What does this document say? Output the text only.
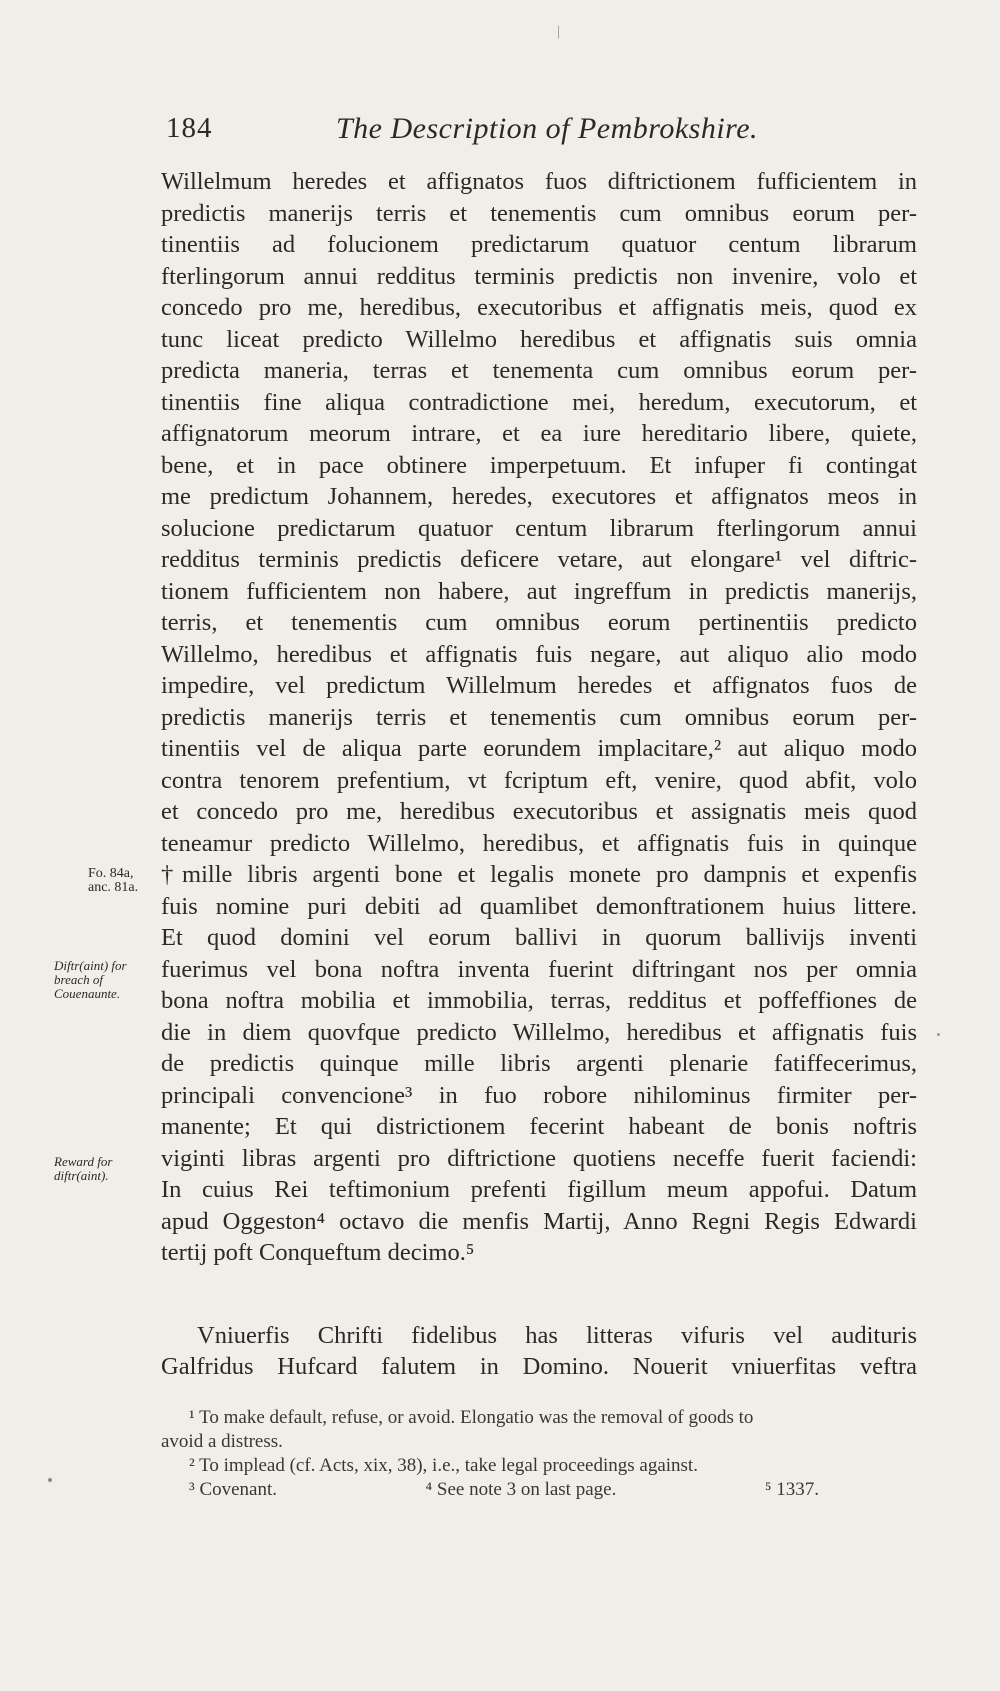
/
184	The Description of Pembrokshire.
Fo. 84a, anc. 81a.
Diftr(aint) for breach of Couenaunte.
Reward for diftr(aint).
Willelmum heredes et affignatos fuos diftrictionem fufficientem in
predictis manerijs terris et tenementis cum omnibus eorum per-
tinentiis ad folucionem predictarum quatuor centum librarum
fterlingorum annui redditus terminis predictis non invenire, volo et
concedo pro me, heredibus, executoribus et affignatis meis, quod ex
tunc liceat predicto Willelmo heredibus et affignatis suis omnia
predicta maneria, terras et tenementa cum omnibus eorum per-
tinentiis fine aliqua contradictione mei, heredum, executorum, et
affignatorum meorum intrare, et ea iure hereditario libere, quiete,
bene, et in pace obtinere imperpetuum. Et infuper fi contingat
me predictum Johannem, heredes, executores et affignatos meos in
solucione predictarum quatuor centum librarum fterlingorum annui
redditus terminis predictis deficere vetare, aut elongare¹ vel diftric-
tionem fufficientem non habere, aut ingreffum in predictis manerijs,
terris, et tenementis cum omnibus eorum pertinentiis predicto
Willelmo, heredibus et affignatis fuis negare, aut aliquo alio modo
impedire, vel predictum Willelmum heredes et affignatos fuos de
predictis manerijs terris et tenementis cum omnibus eorum per-
tinentiis vel de aliqua parte eorundem implacitare,² aut aliquo modo
contra tenorem prefentium, vt fcriptum eft, venire, quod abfit, volo
et concedo pro me, heredibus executoribus et assignatis meis quod
teneamur predicto Willelmo, heredibus, et affignatis fuis in quinque
†mille libris argenti bone et legalis monete pro dampnis et expenfis
fuis nomine puri debiti ad quamlibet demonftrationem huius littere.
Et quod domini vel eorum ballivi in quorum ballivijs inventi
fuerimus vel bona noftra inventa fuerint diftringant nos per omnia
bona noftra mobilia et immobilia, terras, redditus et poffeffiones de
die in diem quovfque predicto Willelmo, heredibus et affignatis fuis
de predictis quinque mille libris argenti plenarie fatiffecerimus,
principali convencione³ in fuo robore nihilominus firmiter per-
manente; Et qui districtionem fecerint habeant de bonis noftris
viginti libras argenti pro diftrictione quotiens neceffe fuerit faciendi:
In cuius Rei teftimonium prefenti figillum meum appofui. Datum
apud Oggeston⁴ octavo die menfis Martij, Anno Regni Regis Edwardi
tertij poft Conqueftum decimo.⁵
Vniuerfis Chrifti fidelibus has litteras vifuris vel audituris
Galfridus Hufcard falutem in Domino. Nouerit vniuerfitas veftra
¹ To make default, refuse, or avoid. Elongatio was the removal of goods to
avoid a distress.
² To implead (cf. Acts, xix, 38), i.e., take legal proceedings against.
³ Covenant.	⁴ See note 3 on last page.	⁵ 1337.
